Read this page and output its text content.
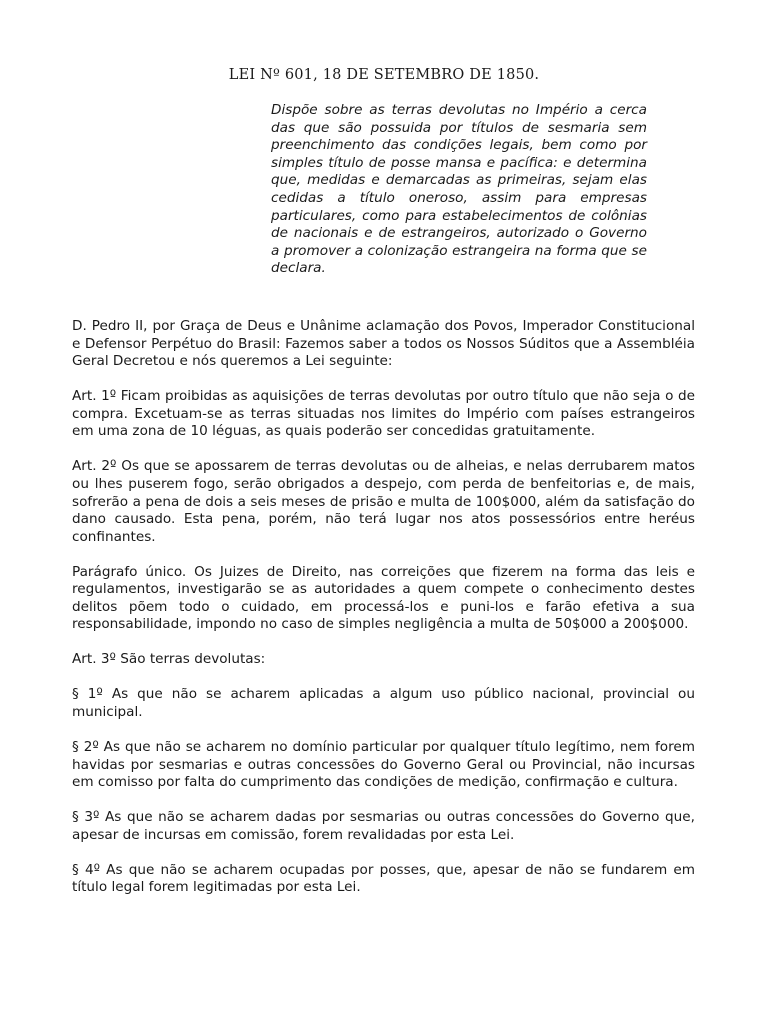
LEI Nº 601, 18 DE SETEMBRO DE 1850.
Dispõe sobre as terras devolutas no Império a cerca das que são possuida por títulos de sesmaria sem preenchimento das condições legais, bem como por simples título de posse mansa e pacífica: e determina que, medidas e demarcadas as primeiras, sejam elas cedidas a título oneroso, assim para empresas particulares, como para estabelecimentos de colônias de nacionais e de estrangeiros, autorizado o Governo a promover a colonização estrangeira na forma que se declara.

D. Pedro II, por Graça de Deus e Unânime aclamação dos Povos, Imperador Constitucional e Defensor Perpétuo do Brasil: Fazemos saber a todos os Nossos Súditos que a Assembléia Geral Decretou e nós queremos a Lei seguinte:

Art. 1º Ficam proibidas as aquisições de terras devolutas por outro título que não seja o de compra. Excetuam-se as terras situadas nos limites do Império com países estrangeiros em uma zona de 10 léguas, as quais poderão ser concedidas gratuitamente.

Art. 2º Os que se apossarem de terras devolutas ou de alheias, e nelas derrubarem matos ou lhes puserem fogo, serão obrigados a despejo, com perda de benfeitorias e, de mais, sofrerão a pena de dois a seis meses de prisão e multa de 100$000, além da satisfação do dano causado. Esta pena, porém, não terá lugar nos atos possessórios entre heréus confinantes.

Parágrafo único. Os Juizes de Direito, nas correições que fizerem na forma das leis e regulamentos, investigarão se as autoridades a quem compete o conhecimento destes delitos põem todo o cuidado, em processá-los e puni-los e farão efetiva a sua responsabilidade, impondo no caso de simples negligência a multa de 50$000 a 200$000.

Art. 3º São terras devolutas:

§ 1º As que não se acharem aplicadas a algum uso público nacional, provincial ou municipal.

§ 2º As que não se acharem no domínio particular por qualquer título legítimo, nem forem havidas por sesmarias e outras concessões do Governo Geral ou Provincial, não incursas em comisso por falta do cumprimento das condições de medição, confirmação e cultura.

§ 3º As que não se acharem dadas por sesmarias ou outras concessões do Governo que, apesar de incursas em comissão, forem revalidadas por esta Lei.

§ 4º As que não se acharem ocupadas por posses, que, apesar de não se fundarem em título legal forem legitimadas por esta Lei.
